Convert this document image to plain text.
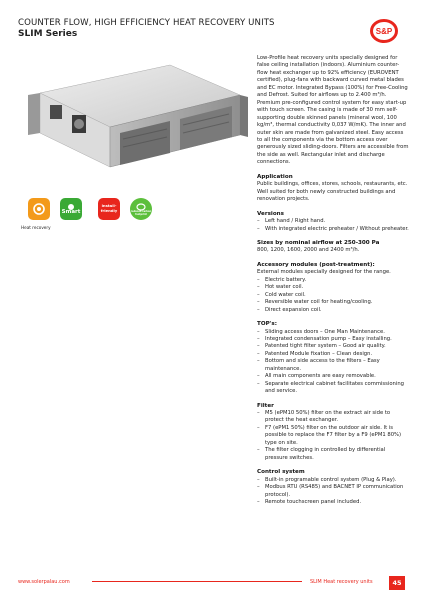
COUNTER FLOW, HIGH EFFICIENCY HEAT RECOVERY UNITS
SLIM Series	S&P
Heat recovery
Smart
install-friendly	reduced carbon footprint

Low-Profile heat recovery units specially designed for false ceiling installation (indoors). Aluminium counter-flow heat exchanger up to 92% efficiency (EUROVENT certified), plug-fans with backward curved metal blades and EC motor. Integrated Bypass (100%) for Free-Cooling and Defrost. Suited for airflows up to 2.400 m³/h. Premium pre-configured control system for easy start-up with touch screen. The casing is made of 30 mm self-supporting double skinned panels (mineral wool, 100 kg/m³, thermal conductivity 0,037 W/mK). The inner and outer skin are made from galvanized steel. Easy access to all the components via the bottom access over generously sized sliding-doors. Filters are accessible from the side as well. Rectangular inlet and discharge connections.

Application

Public buildings, offices, stores, schools, restaurants, etc. Well suited for both newly constructed buildings and renovation projects.

Versions
– Left hand / Right hand.
– With integrated electric preheater / Without preheater.
Sizes by nominal airflow at 250-300 Pa

800, 1200, 1600, 2000 and 2400 m³/h.

Accessory modules (post-treatment):

External modules specially designed for the range.

– Electric battery.
– Hot water coil.
– Cold water coil.
– Reversible water coil for heating/cooling.
– Direct expansion coil.
TOP's:
– Sliding access doors – One Man Maintenance.
– Integrated condensation pump – Easy installing.
– Patented tight filter system – Good air quality.
– Patented Module fixation – Clean design.
– Bottom and side access to the filters – Easy maintenance.
– All main components are easy removable.
– Separate electrical cabinet facilitates commissioning and service.
Filter
– M5 (ePM10 50%) filter on the extract air side to protect the heat exchanger.
– F7 (ePM1 50%) filter on the outdoor air side. It is possible to replace the F7 filter by a F9 (ePM1 80%) type on site.
– The filter clogging in controlled by differential pressure switches.
Control system
– Built-in programable control system (Plug & Play).
– Modbus RTU (RS485) and BACNET IP communication protocol).
– Remote touchscreen panel included.
www.solerpalau.com	SLIM Heat recovery units	45
